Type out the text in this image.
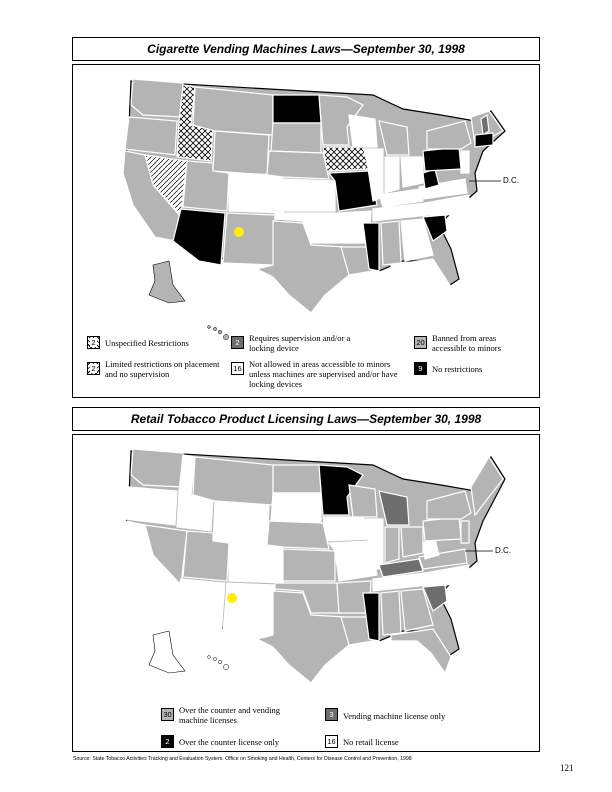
Cigarette Vending Machines Laws—September 30, 1998
D.C.
2	Unspecified Restrictions	2	Requires supervision and/or a locking device
20 Banned from areas accessible to minors
2	Limited restrictions on placement and no supervision
16 Not allowed in areas accessible to minors unless machines are supervised and/or have locking devices
9	No restrictions
Retail Tobacco Product Licensing Laws—September 30, 1998
D.C.
30 Over the counter and vending machine licenses
3	Vending machine license only
2	Over the counter license only	16 No retail license
Source: State Tobacco Activities Tracking and Evaluation System. Office on Smoking and Health, Centers for Disease Control and Prevention, 1998
121
